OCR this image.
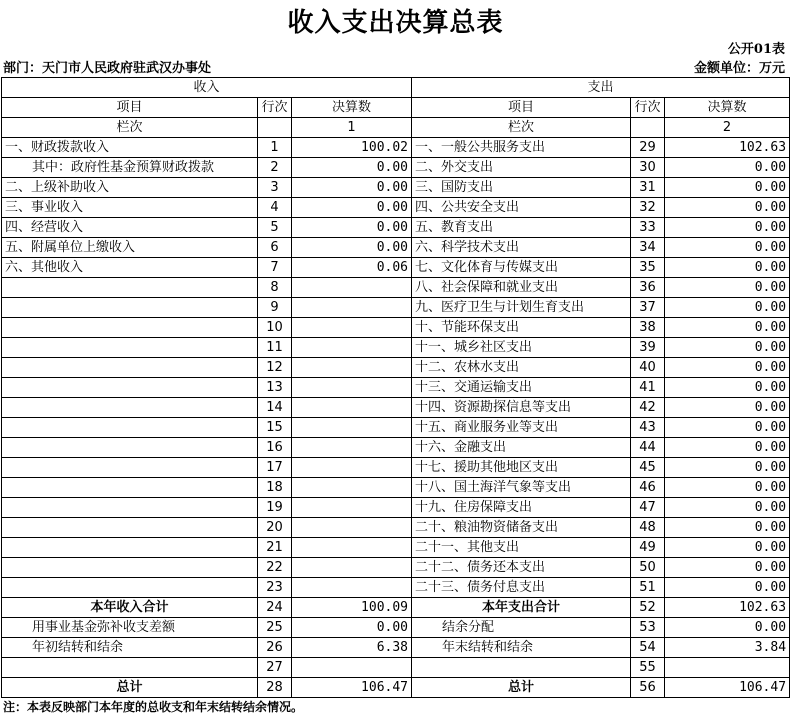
收入支出决算总表
公开01表
部门：天门市人民政府驻武汉办事处	金额单位：万元
收入			支出		
项目	行次	决算数	项目	行次	决算数
栏次		1	栏次		2
一、财政拨款收入	1	100.02	一、一般公共服务支出	29	102.63
其中：政府性基金预算财政拨款	2	0.00	二、外交支出	30	0.00
二、上级补助收入	3	0.00	三、国防支出	31	0.00
三、事业收入	4	0.00	四、公共安全支出	32	0.00
四、经营收入	5	0.00	五、教育支出	33	0.00
五、附属单位上缴收入	6	0.00	六、科学技术支出	34	0.00
六、其他收入	7	0.06	七、文化体育与传媒支出	35	0.00
	8		八、社会保障和就业支出	36	0.00
	9		九、医疗卫生与计划生育支出	37	0.00
	10		十、节能环保支出	38	0.00
	11		十一、城乡社区支出	39	0.00
	12		十二、农林水支出	40	0.00
	13		十三、交通运输支出	41	0.00
	14		十四、资源勘探信息等支出	42	0.00
	15		十五、商业服务业等支出	43	0.00
	16		十六、金融支出	44	0.00
	17		十七、援助其他地区支出	45	0.00
	18		十八、国土海洋气象等支出	46	0.00
	19		十九、住房保障支出	47	0.00
	20		二十、粮油物资储备支出	48	0.00
	21		二十一、其他支出	49	0.00
	22		二十二、债务还本支出	50	0.00
	23		二十三、债务付息支出	51	0.00
本年收入合计	24	100.09	本年支出合计	52	102.63
用事业基金弥补收支差额	25	0.00	结余分配	53	0.00
年初结转和结余	26	6.38	年末结转和结余	54	3.84
	27			55	
总计	28	106.47	总计	56	106.47
注：本表反映部门本年度的总收支和年末结转结余情况。
